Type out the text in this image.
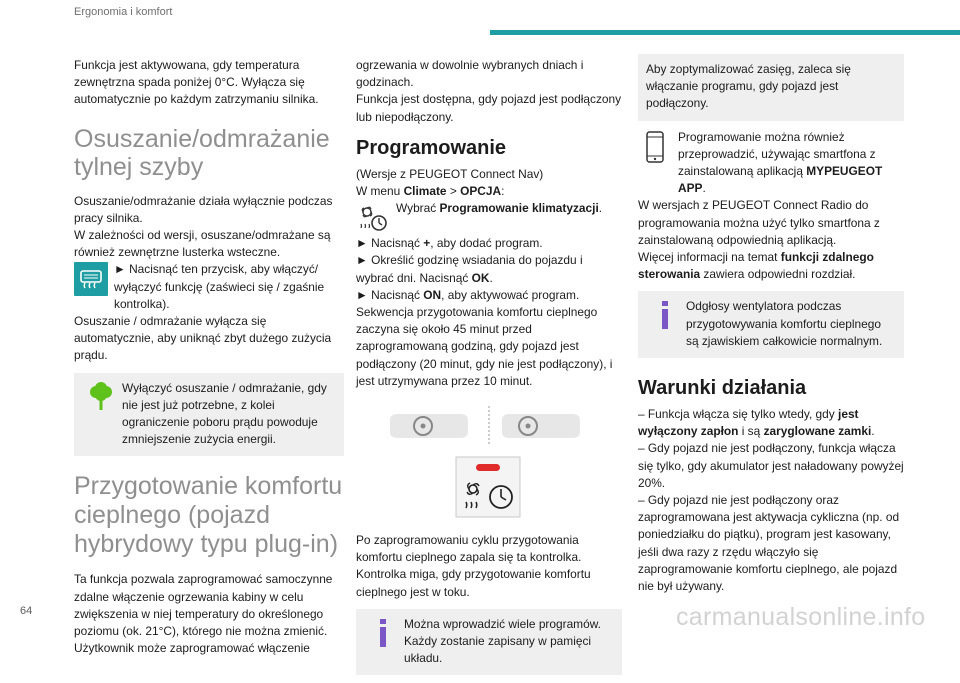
Ergonomia i komfort

Funkcja jest aktywowana, gdy temperatura zewnętrzna spada poniżej 0°C. Wyłącza się automatycznie po każdym zatrzymaniu silnika.

Osuszanie/odmrażanie tylnej szyby

Osuszanie/odmrażanie działa wyłącznie podczas pracy silnika.

W zależności od wersji, osuszane/odmrażane są również zewnętrzne lusterka wsteczne.

► Nacisnąć ten przycisk, aby włączyć/ wyłączyć funkcję (zaświeci się / zgaśnie kontrolka).

Osuszanie / odmrażanie wyłącza się automatycznie, aby uniknąć zbyt dużego zużycia prądu.

Wyłączyć osuszanie / odmrażanie, gdy nie jest już potrzebne, z kolei ograniczenie poboru prądu powoduje zmniejszenie zużycia energii.

Przygotowanie komfortu cieplnego (pojazd hybrydowy typu plug-in)

Ta funkcja pozwala zaprogramować samoczynne zdalne włączenie ogrzewania kabiny w celu zwiększenia w niej temperatury do określonego poziomu (ok. 21°C), którego nie można zmienić. Użytkownik może zaprogramować włączenie

ogrzewania w dowolnie wybranych dniach i godzinach.

Funkcja jest dostępna, gdy pojazd jest podłączony lub niepodłączony.

Programowanie

(Wersje z PEUGEOT Connect Nav)

W menu Climate > OPCJA:

Wybrać Programowanie klimatyzacji.

► Nacisnąć +, aby dodać program.

► Określić godzinę wsiadania do pojazdu i wybrać dni. Nacisnąć OK.

► Nacisnąć ON, aby aktywować program.

Sekwencja przygotowania komfortu cieplnego zaczyna się około 45 minut przed zaprogramowaną godziną, gdy pojazd jest podłączony (20 minut, gdy nie jest podłączony), i jest utrzymywana przez 10 minut.

Po zaprogramowaniu cyklu przygotowania komfortu cieplnego zapala się ta kontrolka. Kontrolka miga, gdy przygotowanie komfortu cieplnego jest w toku.

Można wprowadzić wiele programów. Każdy zostanie zapisany w pamięci układu.

Aby zoptymalizować zasięg, zaleca się włączanie programu, gdy pojazd jest podłączony.

Programowanie można również przeprowadzić, używając smartfona z zainstalowaną aplikacją MYPEUGEOT APP.

W wersjach z PEUGEOT Connect Radio do programowania można użyć tylko smartfona z zainstalowaną odpowiednią aplikacją.

Więcej informacji na temat funkcji zdalnego sterowania zawiera odpowiedni rozdział.

Odgłosy wentylatora podczas przygotowywania komfortu cieplnego są zjawiskiem całkowicie normalnym.

Warunki działania

– Funkcja włącza się tylko wtedy, gdy jest wyłączony zapłon i są zaryglowane zamki.

– Gdy pojazd nie jest podłączony, funkcja włącza się tylko, gdy akumulator jest naładowany powyżej 20%.

– Gdy pojazd nie jest podłączony oraz zaprogramowana jest aktywacja cykliczna (np. od poniedziałku do piątku), program jest kasowany, jeśli dwa razy z rzędu włączyło się zaprogramowanie komfortu cieplnego, ale pojazd nie był używany.

64	carmanualsonline.info
